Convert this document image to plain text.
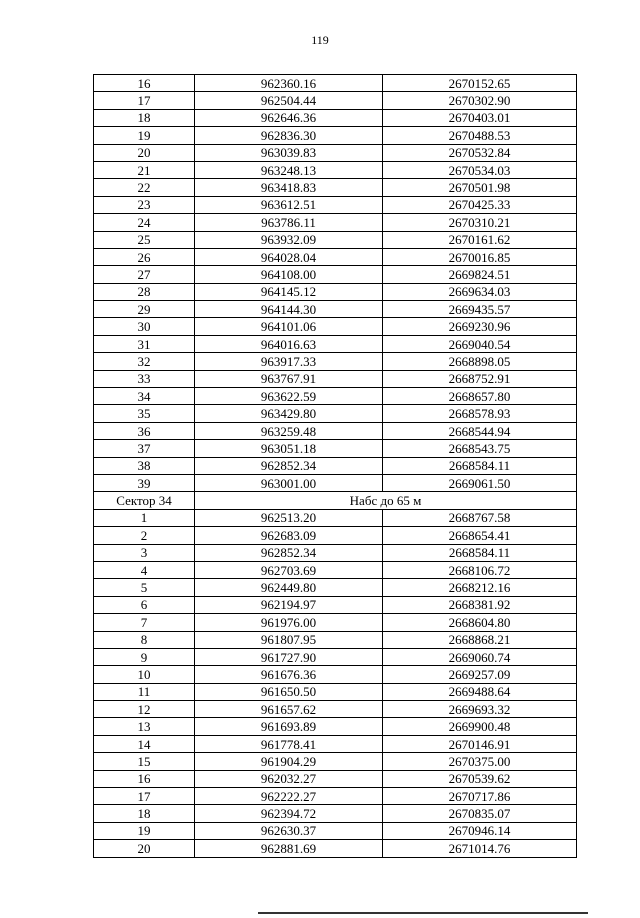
119
16	962360.16	2670152.65
17	962504.44	2670302.90
18	962646.36	2670403.01
19	962836.30	2670488.53
20	963039.83	2670532.84
21	963248.13	2670534.03
22	963418.83	2670501.98
23	963612.51	2670425.33
24	963786.11	2670310.21
25	963932.09	2670161.62
26	964028.04	2670016.85
27	964108.00	2669824.51
28	964145.12	2669634.03
29	964144.30	2669435.57
30	964101.06	2669230.96
31	964016.63	2669040.54
32	963917.33	2668898.05
33	963767.91	2668752.91
34	963622.59	2668657.80
35	963429.80	2668578.93
36	963259.48	2668544.94
37	963051.18	2668543.75
38	962852.34	2668584.11
39	963001.00	2669061.50
Сектор 34	Набс до 65 м	
1	962513.20	2668767.58
2	962683.09	2668654.41
3	962852.34	2668584.11
4	962703.69	2668106.72
5	962449.80	2668212.16
6	962194.97	2668381.92
7	961976.00	2668604.80
8	961807.95	2668868.21
9	961727.90	2669060.74
10	961676.36	2669257.09
11	961650.50	2669488.64
12	961657.62	2669693.32
13	961693.89	2669900.48
14	961778.41	2670146.91
15	961904.29	2670375.00
16	962032.27	2670539.62
17	962222.27	2670717.86
18	962394.72	2670835.07
19	962630.37	2670946.14
20	962881.69	2671014.76
